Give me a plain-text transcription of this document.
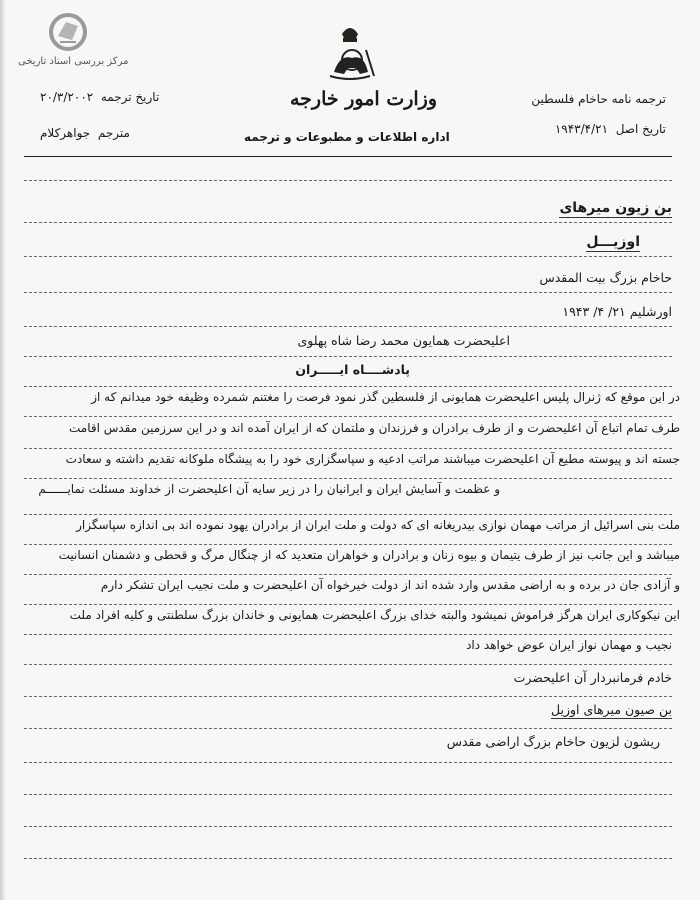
مرکز بررسی اسناد تاریخی
ترجمه نامه حاخام فلسطین
تاریخ اصل  ۱۹۴۳/۴/۲۱
وزارت امور خارجه
اداره اطلاعات و مطبوعات و ترجمه
تاریخ ترجمه  ۲۰/۳/۲۰۰۲
مترجم  جواهرکلام
بن زیون میرهای
اوزیـــل
حاخام بزرگ بیت المقدس
اورشلیم ۲۱/ ۴/ ۱۹۴۳
اعلیحضرت همایون محمد رضا شاه پهلوی
پادشــــاه ایـــــران
در این موقع که ژنرال پلیس اعلیحضرت همایونی از فلسطین گذر نمود فرصت را مغتنم شمرده وظیفه خود میدانم که از
طرف تمام اتباع آن اعلیحضرت و از طرف برادران و فرزندان و ملتمان که از ایران آمده اند و در این سرزمین مقدس اقامت
جسته اند و پیوسته مطیع آن اعلیحضرت میباشند مراتب ادعیه و سپاسگزاری خود را به پیشگاه ملوکانه تقدیم داشته و سعادت
و عظمت و آسایش ایران و ایرانیان را در زیر سایه آن اعلیحضرت از خداوند مسئلت نمایــــــم
ملت بنی اسرائیل از مراتب مهمان نوازی بیدریغانه ای که دولت و ملت ایران از برادران یهود نموده اند بی اندازه سپاسگزار
میباشد و این جانب نیز از طرف یتیمان و بیوه زنان و برادران و خواهران متعدید که از چنگال مرگ و قحطی و دشمنان انسانیت
و آزادی جان در برده و به اراضی مقدس وارد شده اند از دولت خیرخواه آن اعلیحضرت و ملت نجیب ایران تشکر دارم
این نیکوکاری ایران هرگز فراموش نمیشود والبته خدای بزرگ اعلیحضرت همایونی و خاندان بزرگ سلطنتی و کلیه افراد ملت
نجیب و مهمان نواز ایران عوض خواهد داد
خادم فرمانبردار آن اعلیحضرت
بن صیون میرهای اوزیل
ریشون لزیون حاخام بزرگ اراضی مقدس
